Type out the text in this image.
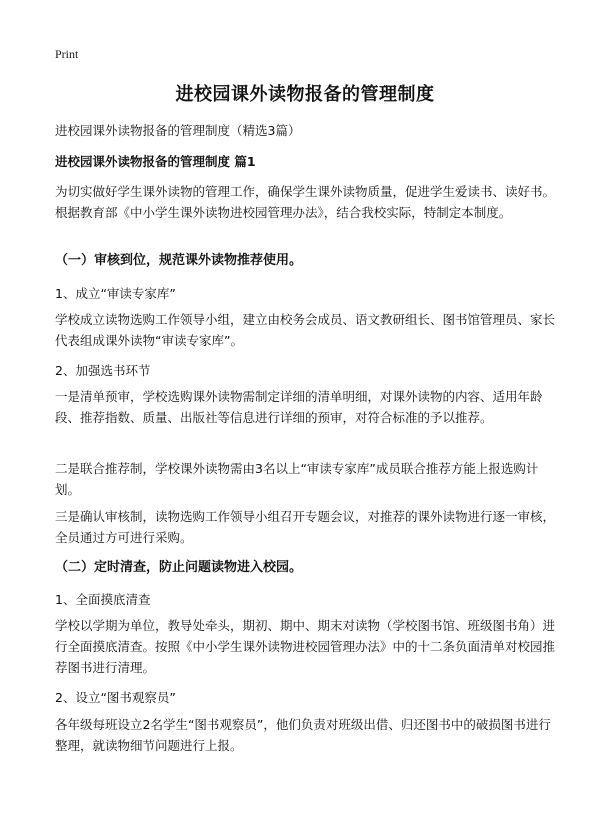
Print
进校园课外读物报备的管理制度
进校园课外读物报备的管理制度（精选3篇）
进校园课外读物报备的管理制度 篇1
为切实做好学生课外读物的管理工作，确保学生课外读物质量，促进学生爱读书、读好书。根据教育部《中小学生课外读物进校园管理办法》，结合我校实际，特制定本制度。
（一）审核到位，规范课外读物推荐使用。
1、成立“审读专家库”
学校成立读物选购工作领导小组，建立由校务会成员、语文教研组长、图书馆管理员、家长代表组成课外读物“审读专家库”。
2、加强选书环节
一是清单预审，学校选购课外读物需制定详细的清单明细，对课外读物的内容、适用年龄段、推荐指数、质量、出版社等信息进行详细的预审，对符合标准的予以推荐。
二是联合推荐制，学校课外读物需由3名以上“审读专家库”成员联合推荐方能上报选购计划。
三是确认审核制，读物选购工作领导小组召开专题会议，对推荐的课外读物进行逐一审核，全员通过方可进行采购。
（二）定时清查，防止问题读物进入校园。
1、全面摸底清查
学校以学期为单位，教导处牵头，期初、期中、期末对读物（学校图书馆、班级图书角）进行全面摸底清查。按照《中小学生课外读物进校园管理办法》中的十二条负面清单对校园推荐图书进行清理。
2、设立“图书观察员”
各年级每班设立2名学生“图书观察员”，他们负责对班级出借、归还图书中的破损图书进行整理，就读物细节问题进行上报。
